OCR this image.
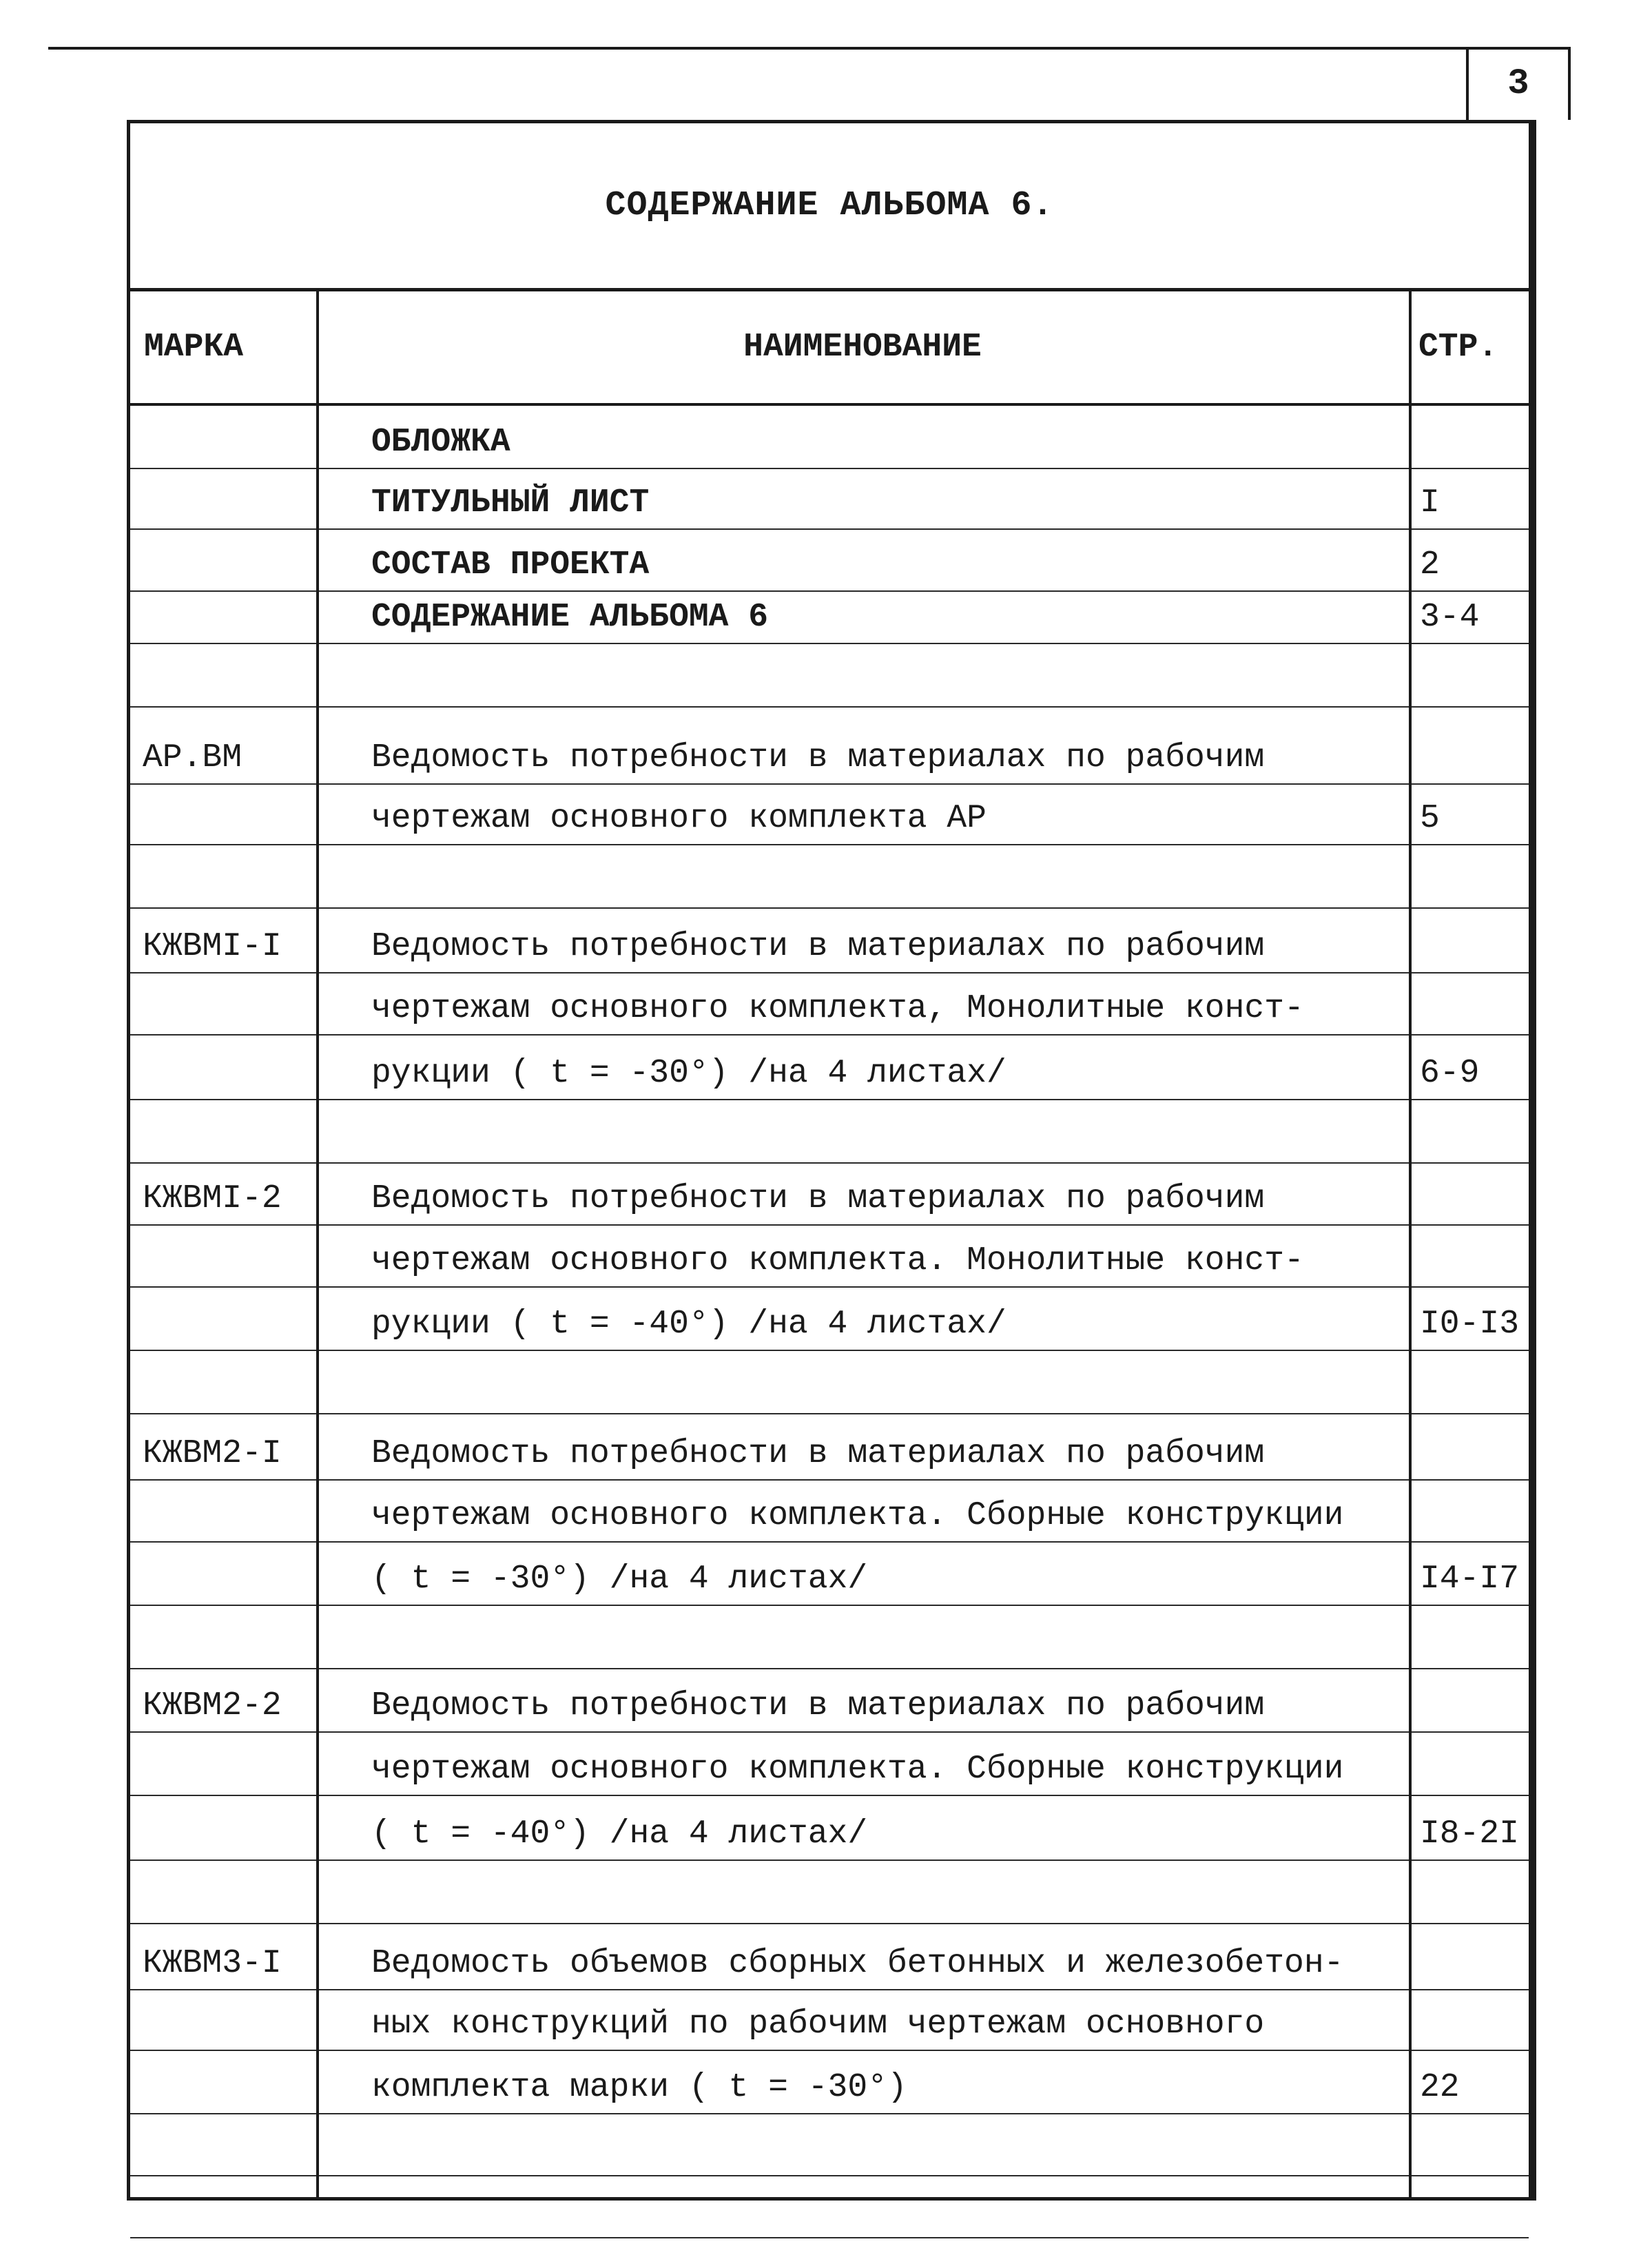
3
СОДЕРЖАНИЕ АЛЬБОМА 6.
МАРКА	НАИМЕНОВАНИЕ	СТР.
ОБЛОЖКА
ТИТУЛЬНЫЙ ЛИСТ	I
СОСТАВ ПРОЕКТА	2
СОДЕРЖАНИЕ АЛЬБОМА 6	3-4
АР.ВМ	Ведомость потребности в материалах по рабочим
чертежам основного комплекта АР	5
КЖВМI-I	Ведомость потребности в материалах по рабочим
чертежам основного комплекта, Монолитные конст-
рукции ( t = -30°) /на 4 листах/	6-9
КЖВМI-2	Ведомость потребности в материалах по рабочим
чертежам основного комплекта. Монолитные конст-
рукции ( t = -40°) /на 4 листах/	I0-I3
КЖВМ2-I	Ведомость потребности в материалах по рабочим
чертежам основного комплекта. Сборные конструкции
( t = -30°) /на 4 листах/	I4-I7
КЖВМ2-2	Ведомость потребности в материалах по рабочим
чертежам основного комплекта. Сборные конструкции
( t = -40°) /на 4 листах/	I8-2I
КЖВМ3-I	Ведомость объемов сборных бетонных и железобетон-
ных конструкций по рабочим чертежам основного
комплекта марки ( t = -30°)	22
